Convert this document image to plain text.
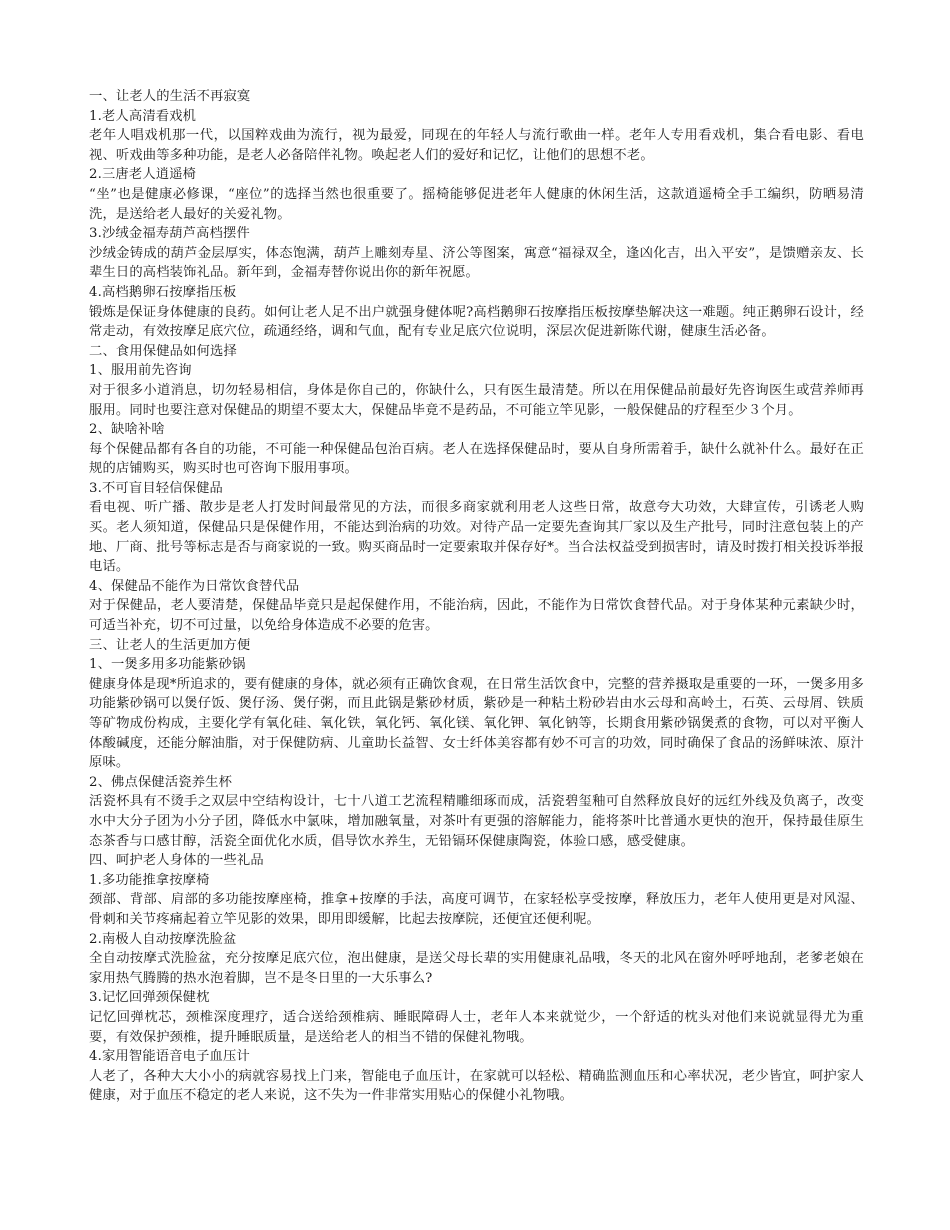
一、让老人的生活不再寂寞

1.老人高清看戏机

老年人唱戏机那一代，以国粹戏曲为流行，视为最爱，同现在的年轻人与流行歌曲一样。老年人专用看戏机，集合看电影、看电视、听戏曲等多种功能，是老人必备陪伴礼物。唤起老人们的爱好和记忆，让他们的思想不老。

2.三唐老人逍遥椅

“坐”也是健康必修课，“座位”的选择当然也很重要了。摇椅能够促进老年人健康的休闲生活，这款逍遥椅全手工编织，防晒易清洗，是送给老人最好的关爱礼物。

3.沙绒金福寿葫芦高档摆件

沙绒金铸成的葫芦金层厚实，体态饱满，葫芦上雕刻寿星、济公等图案，寓意“福禄双全，逢凶化吉，出入平安”，是馈赠亲友、长辈生日的高档装饰礼品。新年到，金福寿替你说出你的新年祝愿。

4.高档鹅卵石按摩指压板

锻炼是保证身体健康的良药。如何让老人足不出户就强身健体呢?高档鹅卵石按摩指压板按摩垫解决这一难题。纯正鹅卵石设计，经常走动，有效按摩足底穴位，疏通经络，调和气血，配有专业足底穴位说明，深层次促进新陈代谢，健康生活必备。

二、食用保健品如何选择

1、服用前先咨询

对于很多小道消息，切勿轻易相信，身体是你自己的，你缺什么，只有医生最清楚。所以在用保健品前最好先咨询医生或营养师再服用。同时也要注意对保健品的期望不要太大，保健品毕竟不是药品，不可能立竿见影，一般保健品的疗程至少３个月。

2、缺啥补啥

每个保健品都有各自的功能，不可能一种保健品包治百病。老人在选择保健品时，要从自身所需着手，缺什么就补什么。最好在正规的店铺购买，购买时也可咨询下服用事项。

3.不可盲目轻信保健品

看电视、听广播、散步是老人打发时间最常见的方法，而很多商家就利用老人这些日常，故意夸大功效，大肆宣传，引诱老人购买。老人须知道，保健品只是保健作用，不能达到治病的功效。对待产品一定要先查询其厂家以及生产批号，同时注意包装上的产地、厂商、批号等标志是否与商家说的一致。购买商品时一定要索取并保存好*。当合法权益受到损害时，请及时拨打相关投诉举报电话。

4、保健品不能作为日常饮食替代品

对于保健品，老人要清楚，保健品毕竟只是起保健作用，不能治病，因此，不能作为日常饮食替代品。对于身体某种元素缺少时，可适当补充，切不可过量，以免给身体造成不必要的危害。

三、让老人的生活更加方便

1、一煲多用多功能紫砂锅

健康身体是现*所追求的，要有健康的身体，就必须有正确饮食观，在日常生活饮食中，完整的营养摄取是重要的一环，一煲多用多功能紫砂锅可以煲仔饭、煲仔汤、煲仔粥，而且此锅是紫砂材质，紫砂是一种粘土粉砂岩由水云母和高岭土，石英、云母屑、铁质等矿物成份构成，主要化学有氧化硅、氧化铁，氧化钙、氧化镁、氧化钾、氧化钠等，长期食用紫砂锅煲煮的食物，可以对平衡人体酸碱度，还能分解油脂，对于保健防病、儿童助长益智、女士纤体美容都有妙不可言的功效，同时确保了食品的汤鲜味浓、原汁原味。

2、佛点保健活瓷养生杯

活瓷杯具有不烫手之双层中空结构设计，七十八道工艺流程精雕细琢而成，活瓷碧玺釉可自然释放良好的远红外线及负离子，改变水中大分子团为小分子团，降低水中氯味，增加融氧量，对茶叶有更强的溶解能力，能将茶叶比普通水更快的泡开，保持最佳原生态茶香与口感甘醇，活瓷全面优化水质，倡导饮水养生，无铅镉环保健康陶瓷，体验口感，感受健康。

四、呵护老人身体的一些礼品

1.多功能推拿按摩椅

颈部、背部、肩部的多功能按摩座椅，推拿+按摩的手法，高度可调节，在家轻松享受按摩，释放压力，老年人使用更是对风湿、骨刺和关节疼痛起着立竿见影的效果，即用即缓解，比起去按摩院，还便宜还便利呢。

2.南极人自动按摩洗脸盆

全自动按摩式洗脸盆，充分按摩足底穴位，泡出健康，是送父母长辈的实用健康礼品哦，冬天的北风在窗外呼呼地刮，老爹老娘在家用热气腾腾的热水泡着脚，岂不是冬日里的一大乐事么?

3.记忆回弹颈保健枕

记忆回弹枕芯，颈椎深度理疗，适合送给颈椎病、睡眠障碍人士，老年人本来就觉少，一个舒适的枕头对他们来说就显得尤为重要，有效保护颈椎，提升睡眠质量，是送给老人的相当不错的保健礼物哦。

4.家用智能语音电子血压计

人老了，各种大大小小的病就容易找上门来，智能电子血压计，在家就可以轻松、精确监测血压和心率状况，老少皆宜，呵护家人健康，对于血压不稳定的老人来说，这不失为一件非常实用贴心的保健小礼物哦。
